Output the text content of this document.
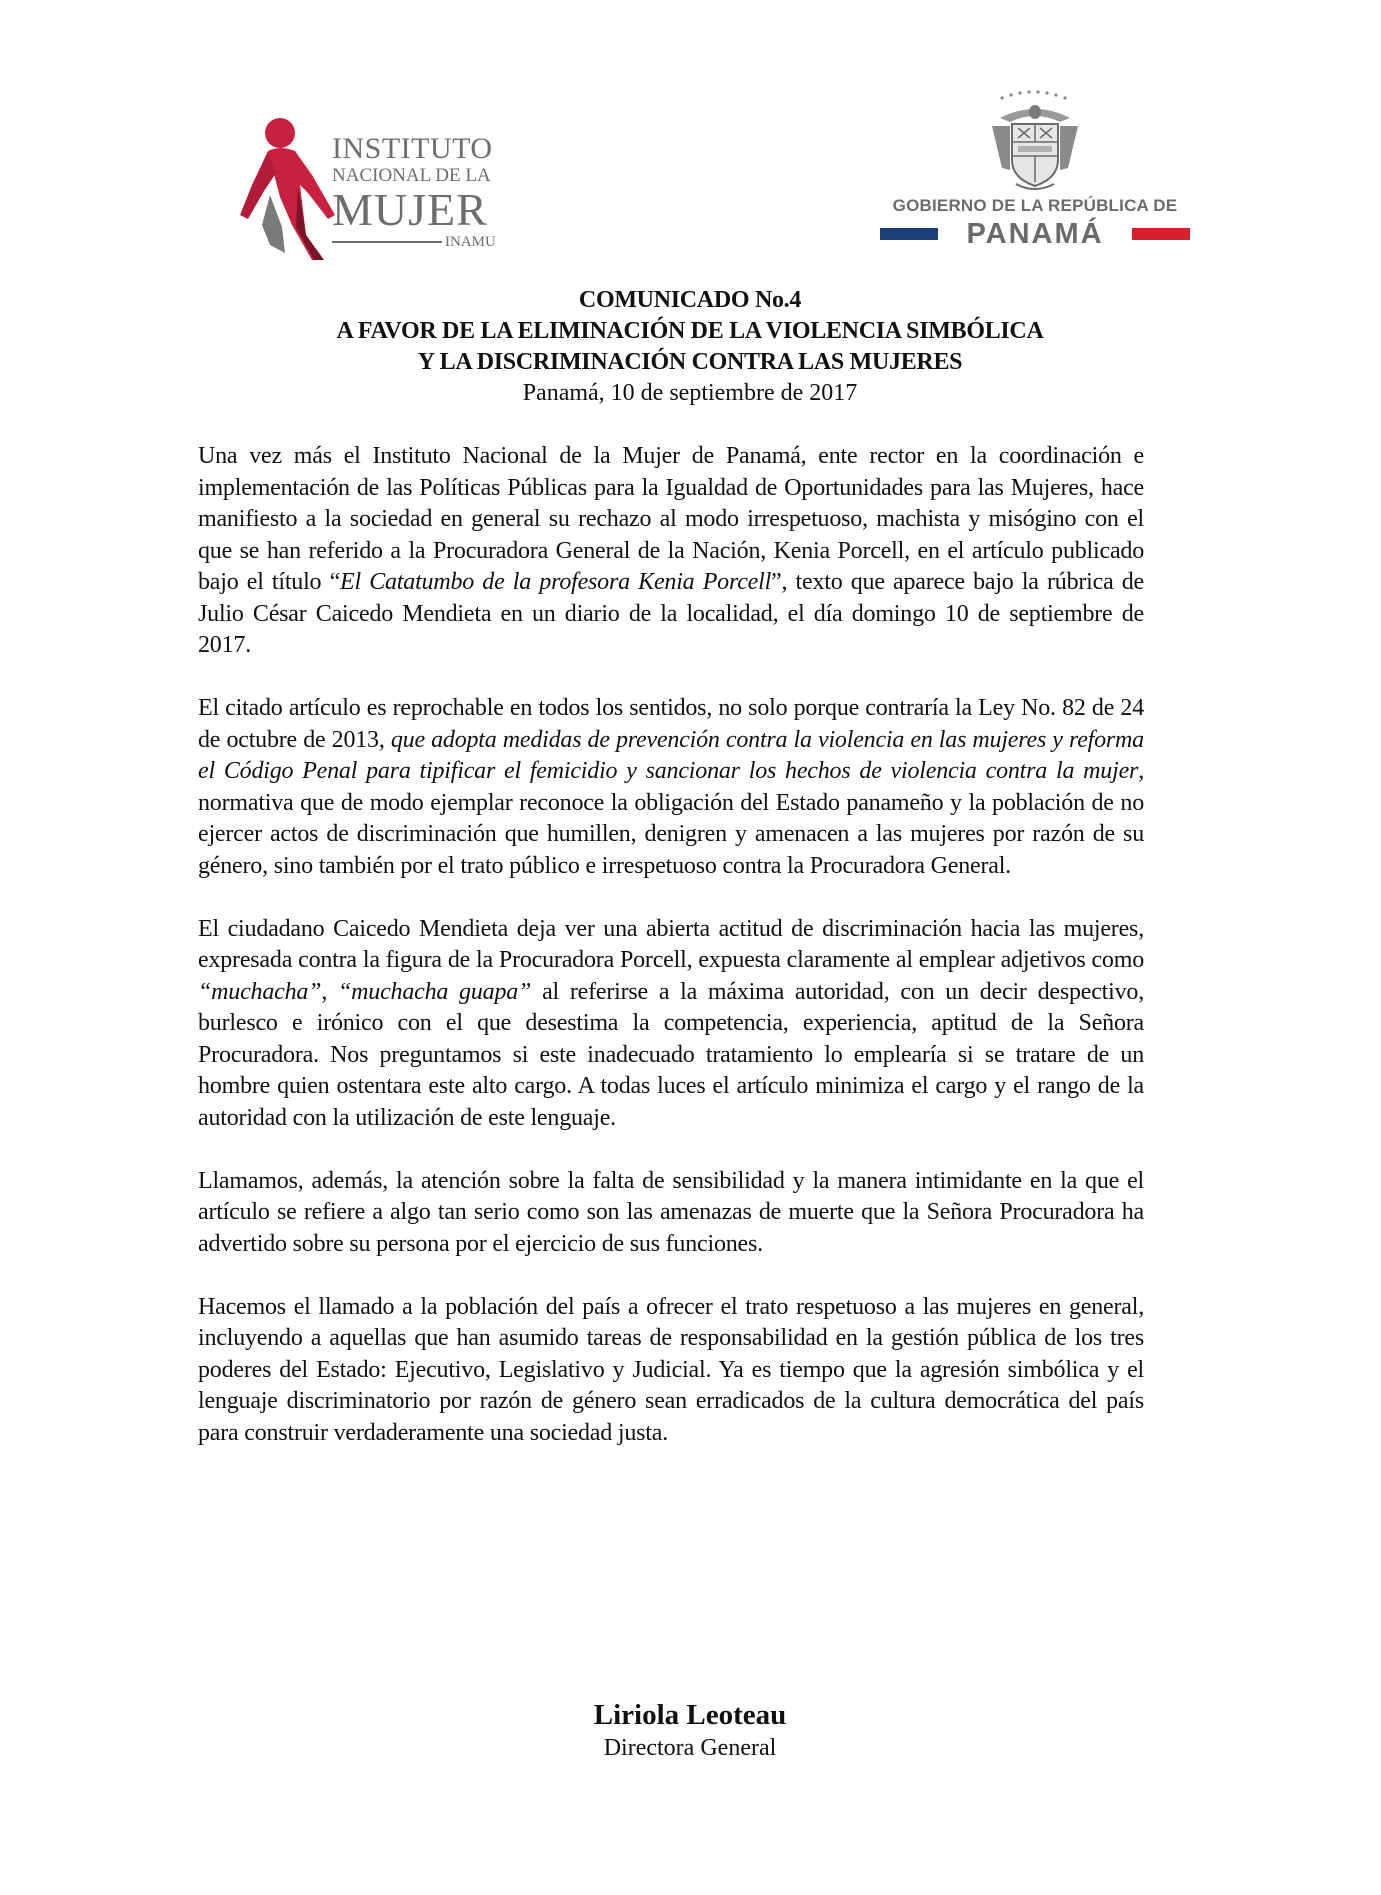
INSTITUTO
NACIONAL DE LA
MUJER
INAMU
GOBIERNO DE LA REPÚBLICA DE
PANAMÁ

COMUNICADO No.4

A FAVOR DE LA ELIMINACIÓN DE LA VIOLENCIA SIMBÓLICA

Y LA DISCRIMINACIÓN CONTRA LAS MUJERES

Panamá, 10 de septiembre de 2017

Una vez más el Instituto Nacional de la Mujer de Panamá, ente rector en la coordinación e implementación de las Políticas Públicas para la Igualdad de Oportunidades para las Mujeres, hace manifiesto a la sociedad en general su rechazo al modo irrespetuoso, machista y misógino con el que se han referido a la Procuradora General de la Nación, Kenia Porcell, en el artículo publicado bajo el título “El Catatumbo de la profesora Kenia Porcell”, texto que aparece bajo la rúbrica de Julio César Caicedo Mendieta en un diario de la localidad, el día domingo 10 de septiembre de 2017.

El citado artículo es reprochable en todos los sentidos, no solo porque contraría la Ley No. 82 de 24 de octubre de 2013, que adopta medidas de prevención contra la violencia en las mujeres y reforma el Código Penal para tipificar el femicidio y sancionar los hechos de violencia contra la mujer, normativa que de modo ejemplar reconoce la obligación del Estado panameño y la población de no ejercer actos de discriminación que humillen, denigren y amenacen a las mujeres por razón de su género, sino también por el trato público e irrespetuoso contra la Procuradora General.

El ciudadano Caicedo Mendieta deja ver una abierta actitud de discriminación hacia las mujeres, expresada contra la figura de la Procuradora Porcell, expuesta claramente al emplear adjetivos como “muchacha”, “muchacha guapa” al referirse a la máxima autoridad, con un decir despectivo, burlesco e irónico con el que desestima la competencia, experiencia, aptitud de la Señora Procuradora. Nos preguntamos si este inadecuado tratamiento lo emplearía si se tratare de un hombre quien ostentara este alto cargo. A todas luces el artículo minimiza el cargo y el rango de la autoridad con la utilización de este lenguaje.

Llamamos, además, la atención sobre la falta de sensibilidad y la manera intimidante en la que el artículo se refiere a algo tan serio como son las amenazas de muerte que la Señora Procuradora ha advertido sobre su persona por el ejercicio de sus funciones.

Hacemos el llamado a la población del país a ofrecer el trato respetuoso a las mujeres en general, incluyendo a aquellas que han asumido tareas de responsabilidad en la gestión pública de los tres poderes del Estado: Ejecutivo, Legislativo y Judicial. Ya es tiempo que la agresión simbólica y el lenguaje discriminatorio por razón de género sean erradicados de la cultura democrática del país para construir verdaderamente una sociedad justa.

Liriola Leoteau
Directora General
